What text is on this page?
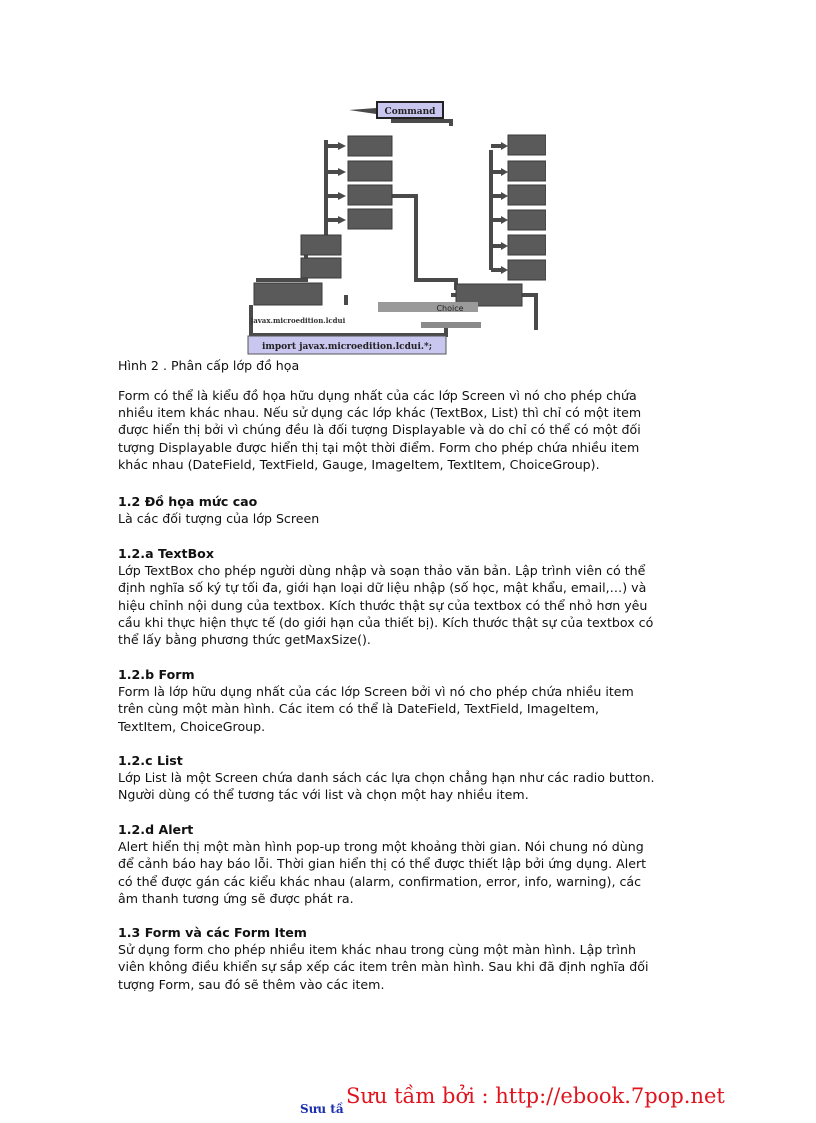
Command
Choice
javax.microedition.lcdui
import javax.microedition.lcdui.*;
Hình 2 . Phân cấp lớp đồ họa
Form có thể là kiểu đồ họa hữu dụng nhất của các lớp Screen vì nó cho phép chứa
nhiều item khác nhau. Nếu sử dụng các lớp khác (TextBox, List) thì chỉ có một item
được hiển thị bởi vì chúng đều là đối tượng Displayable và do chỉ có thể có một đối
tượng Displayable được hiển thị tại một thời điểm. Form cho phép chứa nhiều item
khác nhau (DateField, TextField, Gauge, ImageItem, TextItem, ChoiceGroup).
1.2 Đồ họa mức cao
Là các đối tượng của lớp Screen
1.2.a TextBox
Lớp TextBox cho phép người dùng nhập và soạn thảo văn bản. Lập trình viên có thể
định nghĩa số ký tự tối đa, giới hạn loại dữ liệu nhập (số học, mật khẩu, email,…) và
hiệu chỉnh nội dung của textbox. Kích thước thật sự của textbox có thể nhỏ hơn yêu
cầu khi thực hiện thực tế (do giới hạn của thiết bị). Kích thước thật sự của textbox có
thể lấy bằng phương thức getMaxSize().
1.2.b Form
Form là lớp hữu dụng nhất của các lớp Screen bởi vì nó cho phép chứa nhiều item
trên cùng một màn hình. Các item có thể là DateField, TextField, ImageItem,
TextItem, ChoiceGroup.
1.2.c List
Lớp List là một Screen chứa danh sách các lựa chọn chẳng hạn như các radio button.
Người dùng có thể tương tác với list và chọn một hay nhiều item.
1.2.d Alert
Alert hiển thị một màn hình pop-up trong một khoảng thời gian. Nói chung nó dùng
để cảnh báo hay báo lỗi. Thời gian hiển thị có thể được thiết lập bởi ứng dụng. Alert
có thể được gán các kiểu khác nhau (alarm, confirmation, error, info, warning), các
âm thanh tương ứng sẽ được phát ra.
1.3 Form và các Form Item
Sử dụng form cho phép nhiều item khác nhau trong cùng một màn hình. Lập trình
viên không điều khiển sự sắp xếp các item trên màn hình. Sau khi đã định nghĩa đối
tượng Form, sau đó sẽ thêm vào các item.
Sưu tầ
Sưu tầm bởi : http://ebook.7pop.net
